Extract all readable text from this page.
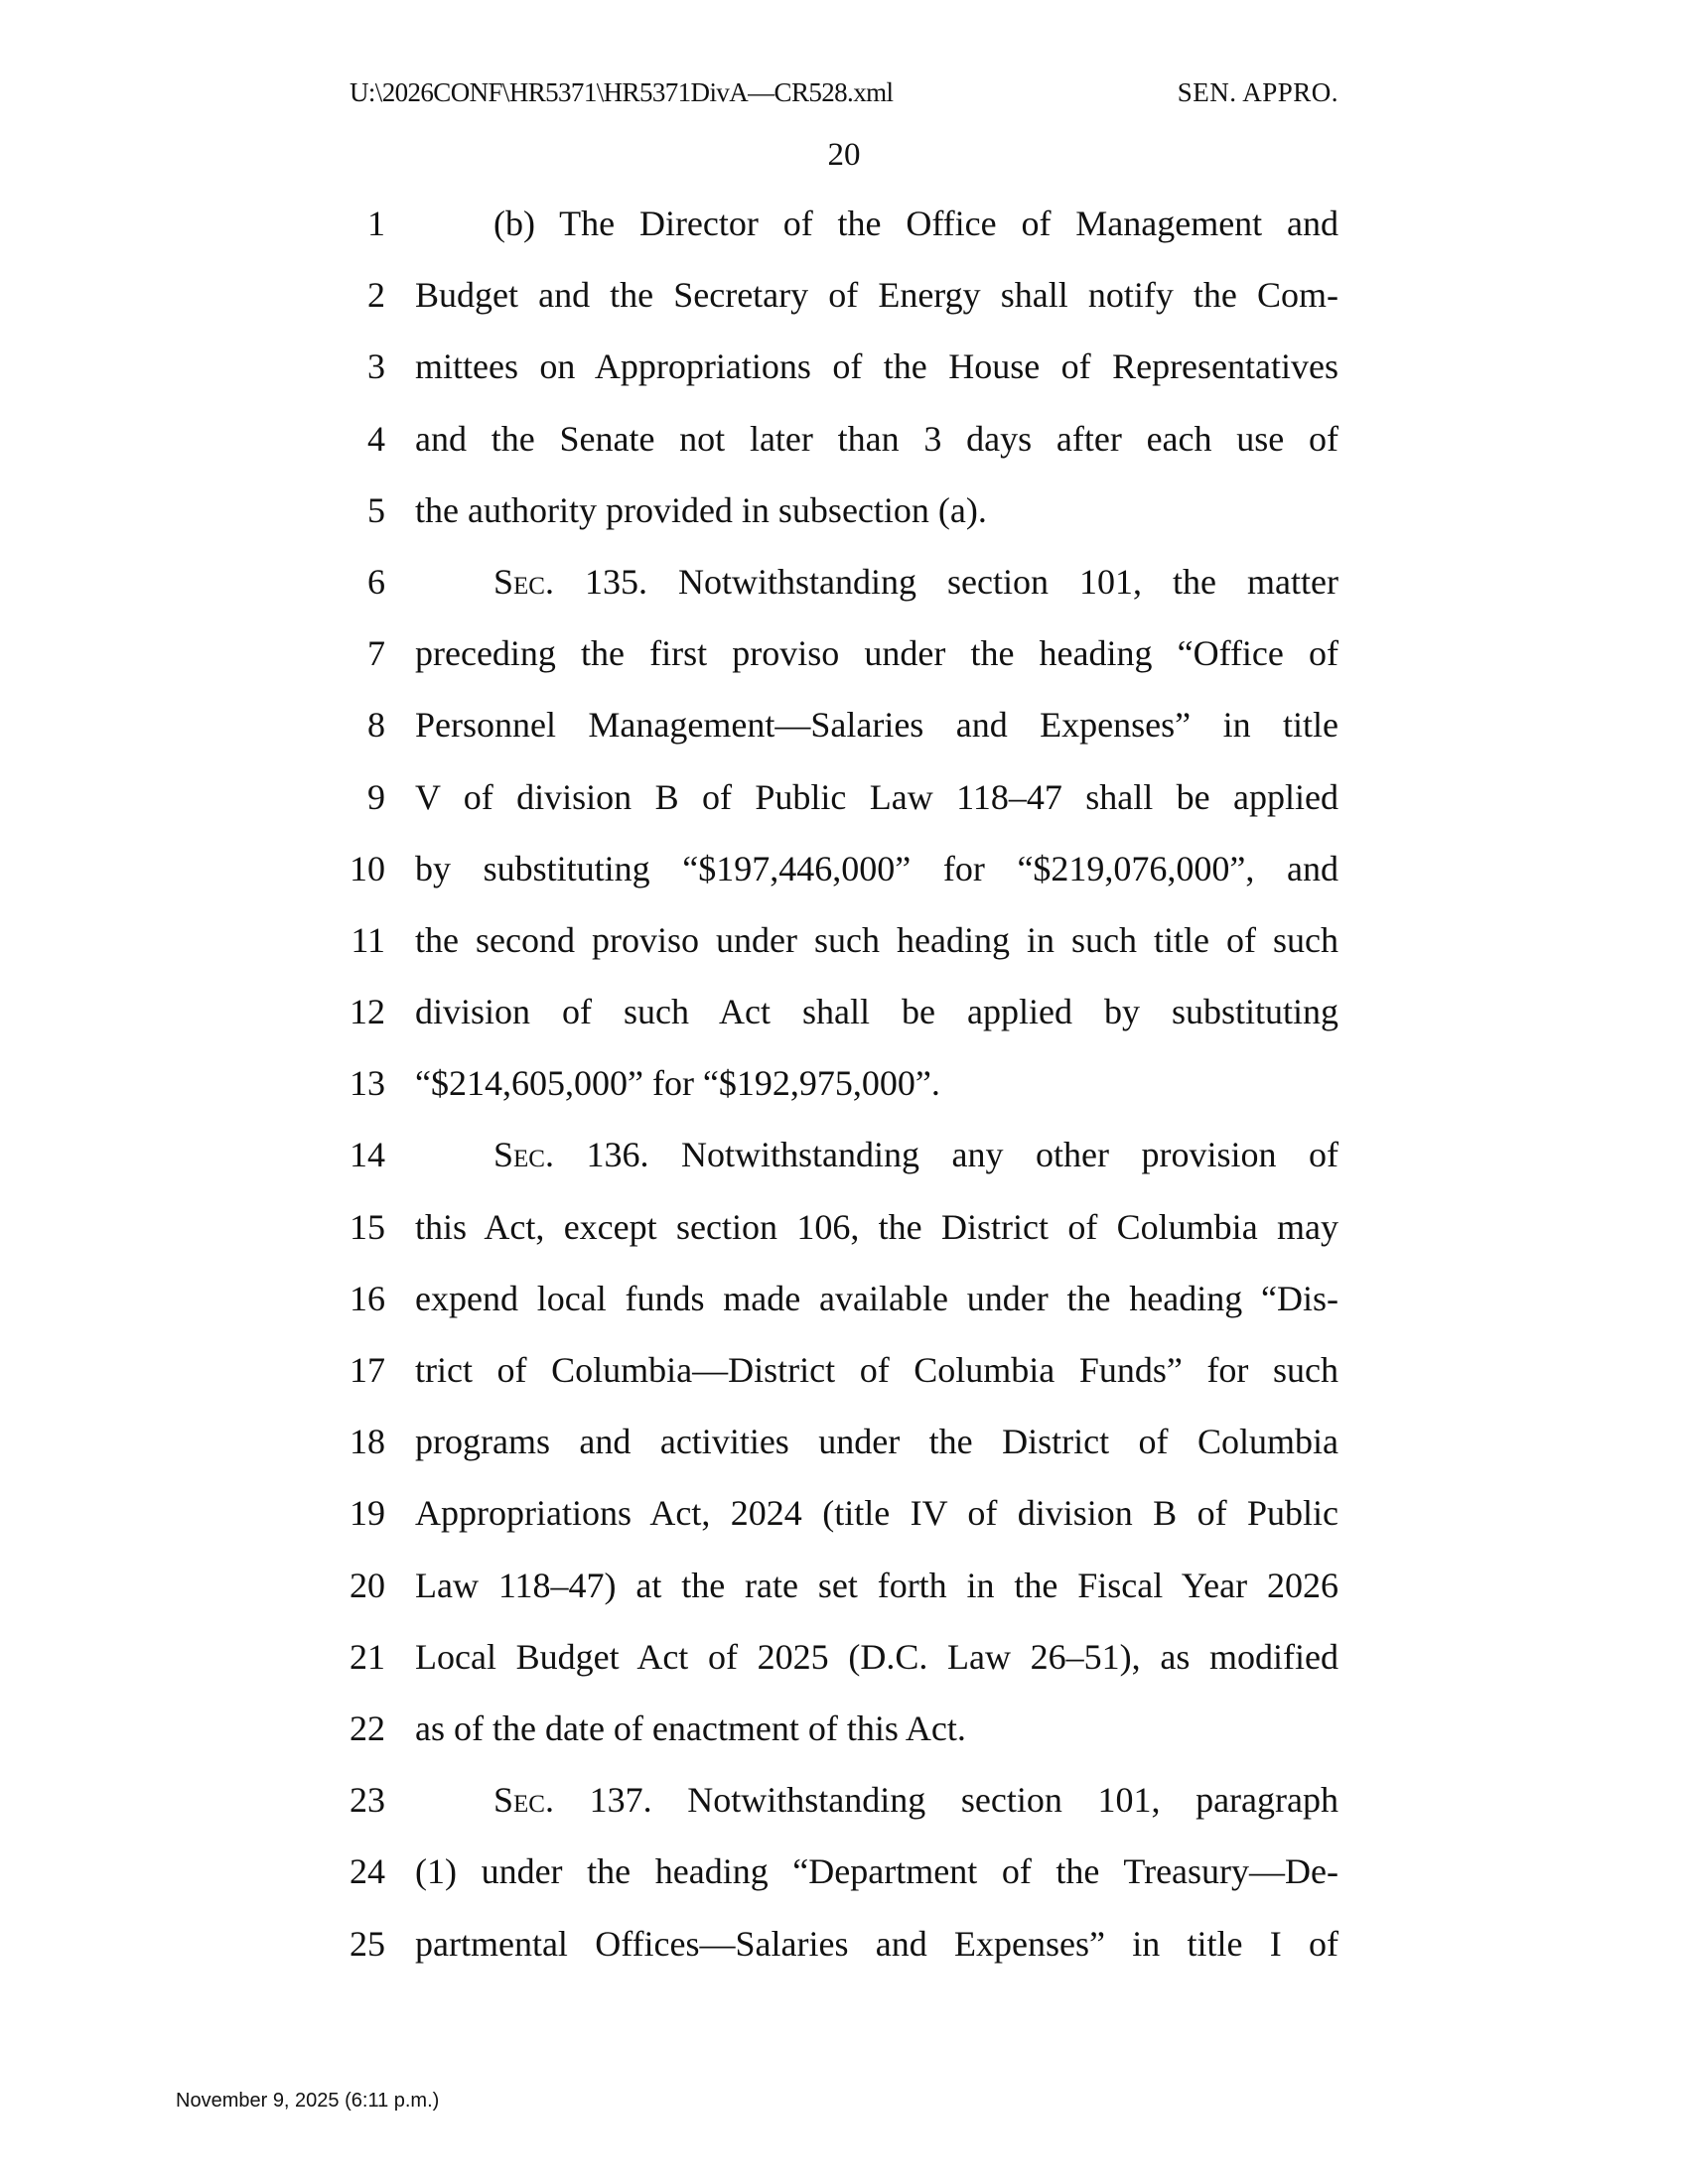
U:\2026CONF\HR5371\HR5371DivA—CR528.xml	SEN. APPRO.
20
1	(b) The Director of the Office of Management and
2 Budget and the Secretary of Energy shall notify the Com-
3 mittees on Appropriations of the House of Representatives
4 and the Senate not later than 3 days after each use of
5 the authority provided in subsection (a).
6	Sec. 135. Notwithstanding section 101, the matter
7 preceding the first proviso under the heading “Office of
8 Personnel Management—Salaries and Expenses” in title
9 V of division B of Public Law 118–47 shall be applied
10 by substituting “$197,446,000” for “$219,076,000”, and
11 the second proviso under such heading in such title of such
12 division of such Act shall be applied by substituting
13 “$214,605,000” for “$192,975,000”.
14	Sec. 136. Notwithstanding any other provision of
15 this Act, except section 106, the District of Columbia may
16 expend local funds made available under the heading “Dis-
17 trict of Columbia—District of Columbia Funds” for such
18 programs and activities under the District of Columbia
19 Appropriations Act, 2024 (title IV of division B of Public
20 Law 118–47) at the rate set forth in the Fiscal Year 2026
21 Local Budget Act of 2025 (D.C. Law 26–51), as modified
22 as of the date of enactment of this Act.
23	Sec. 137. Notwithstanding section 101, paragraph
24 (1) under the heading “Department of the Treasury—De-
25 partmental Offices—Salaries and Expenses” in title I of
November 9, 2025 (6:11 p.m.)
